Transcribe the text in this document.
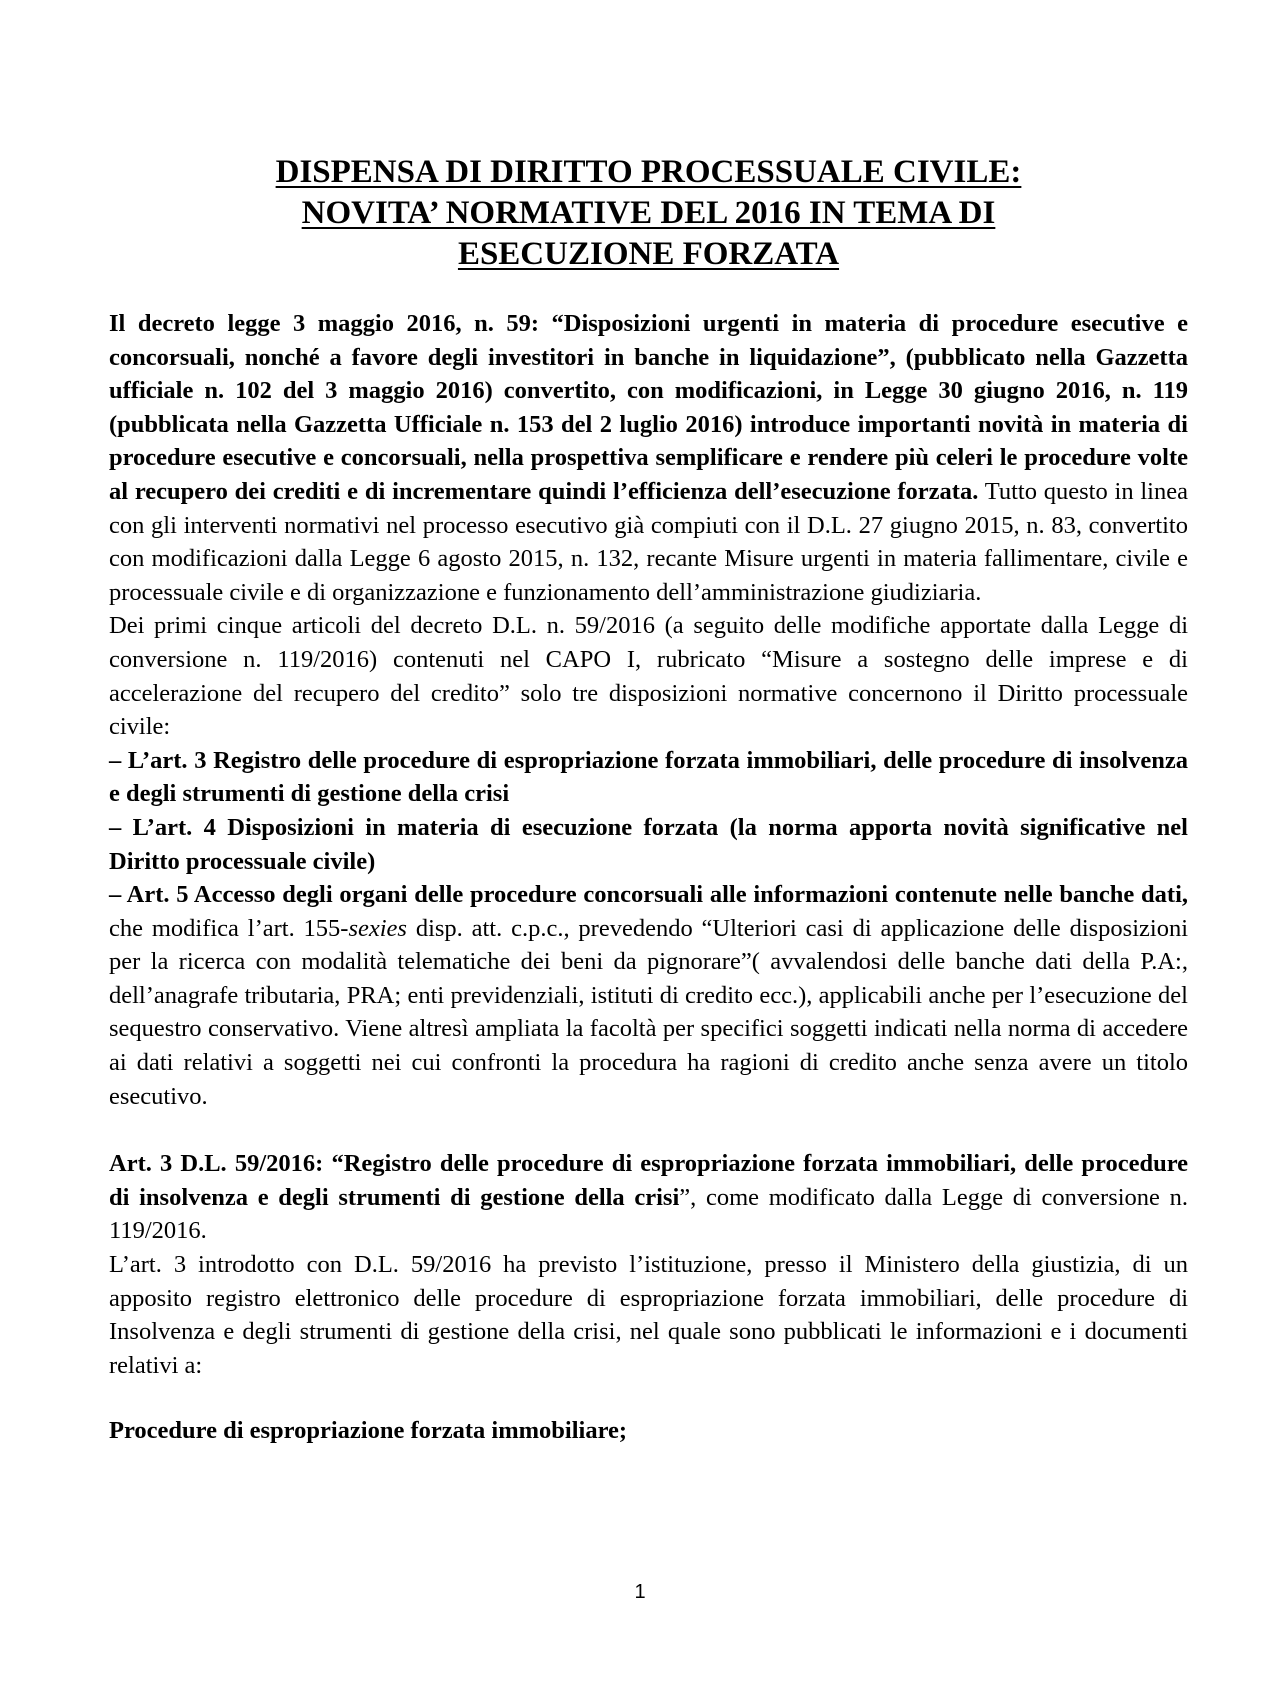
DISPENSA DI DIRITTO PROCESSUALE CIVILE:
NOVITA’ NORMATIVE DEL 2016 IN TEMA DI
ESECUZIONE FORZATA

Il decreto legge 3 maggio 2016, n. 59: “Disposizioni urgenti in materia di procedure esecutive e concorsuali, nonché a favore degli investitori in banche in liquidazione”, (pubblicato nella Gazzetta ufficiale n. 102 del 3 maggio 2016) convertito, con modificazioni, in Legge 30 giugno 2016, n. 119 (pubblicata nella Gazzetta Ufficiale n. 153 del 2 luglio 2016) introduce importanti novità in materia di procedure esecutive e concorsuali, nella prospettiva semplificare e rendere più celeri le procedure volte al recupero dei crediti e di incrementare quindi l’efficienza dell’esecuzione forzata. Tutto questo in linea con gli interventi normativi nel processo esecutivo già compiuti con il D.L. 27 giugno 2015, n. 83, convertito con modificazioni dalla Legge 6 agosto 2015, n. 132, recante Misure urgenti in materia fallimentare, civile e processuale civile e di organizzazione e funzionamento dell’amministrazione giudiziaria.

Dei primi cinque articoli del decreto D.L. n. 59/2016 (a seguito delle modifiche apportate dalla Legge di conversione n. 119/2016) contenuti nel CAPO I, rubricato “Misure a sostegno delle imprese e di accelerazione del recupero del credito” solo tre disposizioni normative concernono il Diritto processuale civile:

– L’art. 3 Registro delle procedure di espropriazione forzata immobiliari, delle procedure di insolvenza e degli strumenti di gestione della crisi

– L’art. 4 Disposizioni in materia di esecuzione forzata (la norma apporta novità significative nel Diritto processuale civile)

– Art. 5 Accesso degli organi delle procedure concorsuali alle informazioni contenute nelle banche dati, che modifica l’art. 155-sexies disp. att. c.p.c., prevedendo “Ulteriori casi di applicazione delle disposizioni per la ricerca con modalità telematiche dei beni da pignorare”( avvalendosi delle banche dati della P.A:, dell’anagrafe tributaria, PRA; enti previdenziali, istituti di credito ecc.), applicabili anche per l’esecuzione del sequestro conservativo. Viene altresì ampliata la facoltà per specifici soggetti indicati nella norma di accedere ai dati relativi a soggetti nei cui confronti la procedura ha ragioni di credito anche senza avere un titolo esecutivo.

Art. 3 D.L. 59/2016: “Registro delle procedure di espropriazione forzata immobiliari, delle procedure di insolvenza e degli strumenti di gestione della crisi”, come modificato dalla Legge di conversione n. 119/2016.

L’art. 3 introdotto con D.L. 59/2016 ha previsto l’istituzione, presso il Ministero della giustizia, di un apposito registro elettronico delle procedure di espropriazione forzata immobiliari, delle procedure di Insolvenza e degli strumenti di gestione della crisi, nel quale sono pubblicati le informazioni e i documenti relativi a:

Procedure di espropriazione forzata immobiliare;

1
